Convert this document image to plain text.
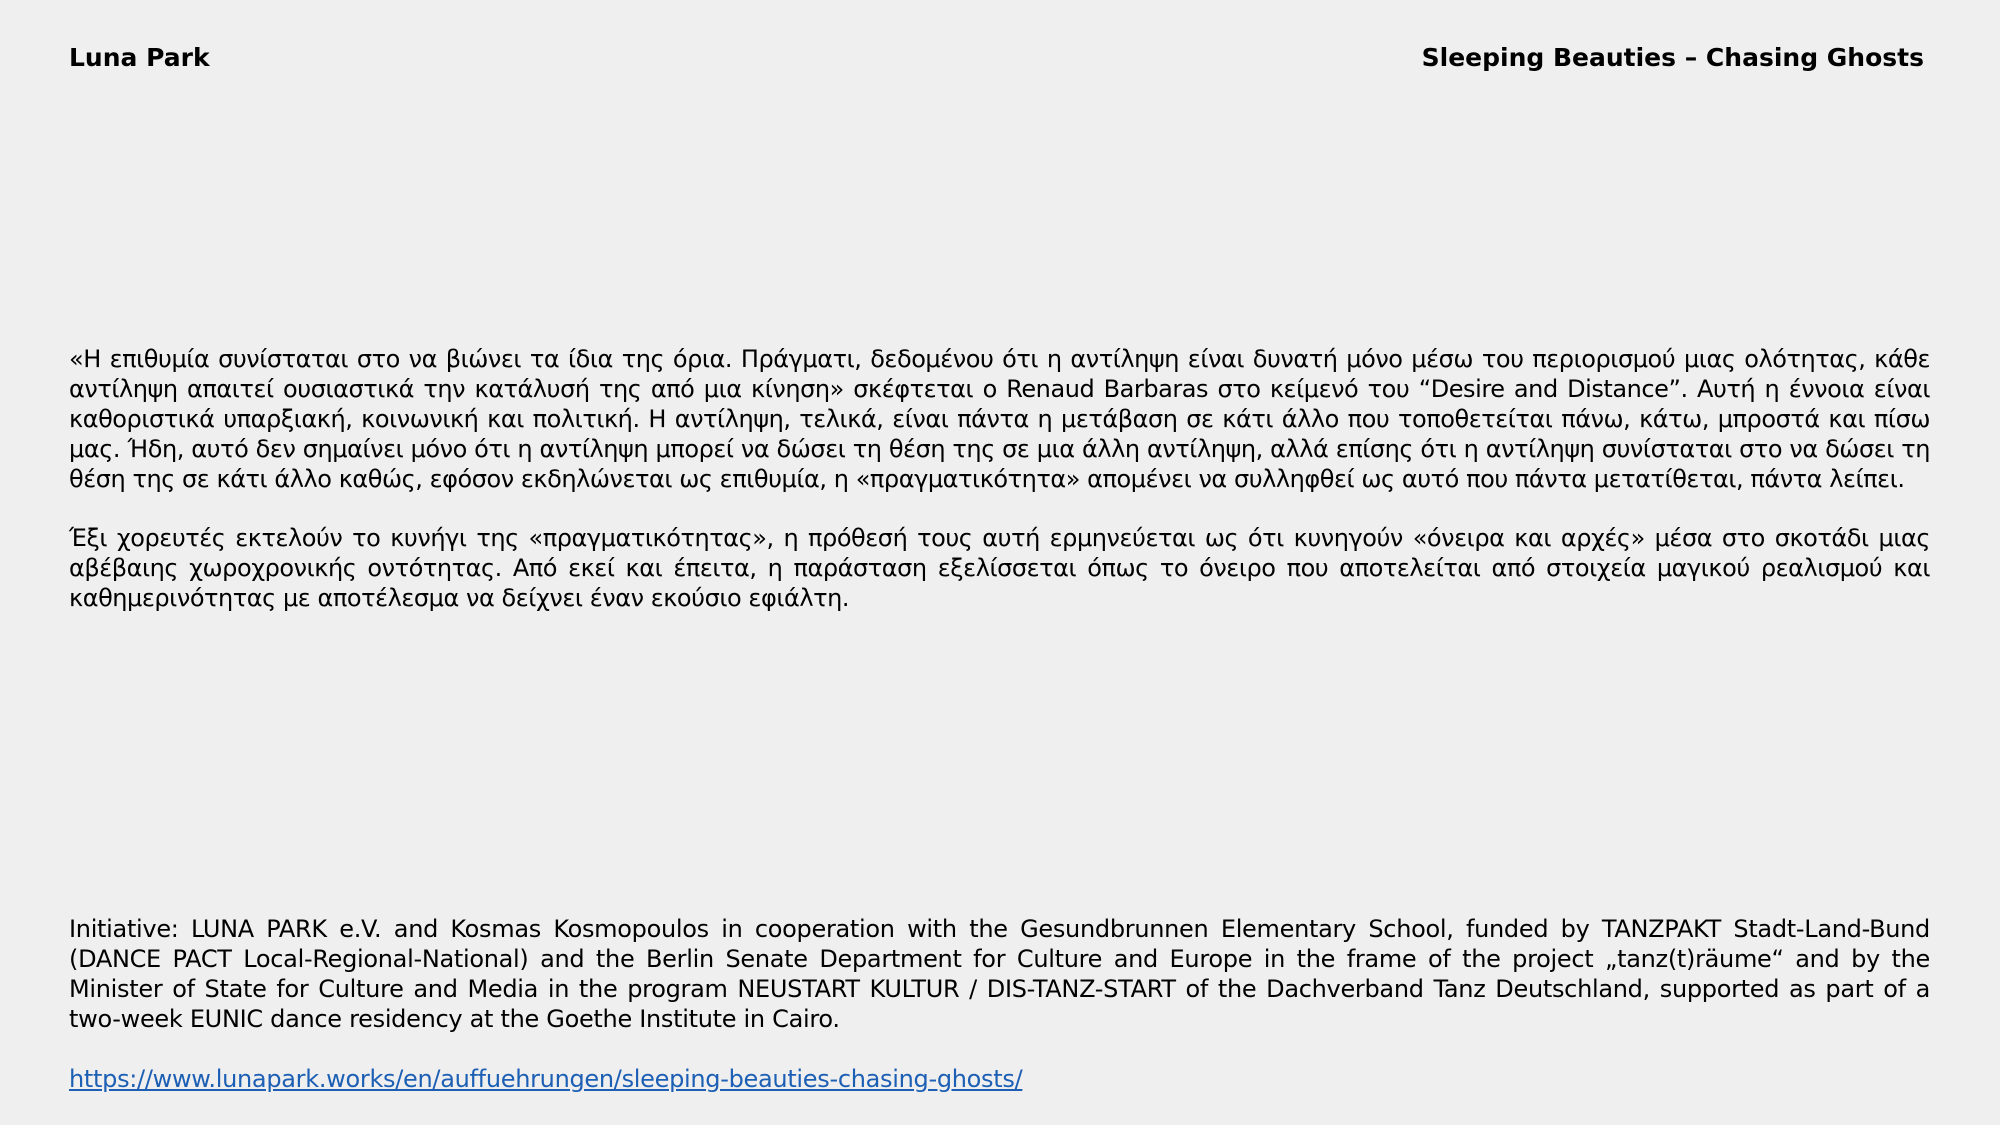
Luna Park	Sleeping Beauties – Chasing Ghosts
«Η επιθυμία συνίσταται στο να βιώνει τα ίδια της όρια. Πράγματι, δεδομένου ότι η αντίληψη είναι δυνατή μόνο μέσω του περιορισμού μιας ολότητας, κάθε αντίληψη απαιτεί ουσιαστικά την κατάλυσή της από μια κίνηση» σκέφτεται ο Renaud Barbaras στο κείμενό του “Desire and Distance”. Αυτή η έννοια είναι καθοριστικά υπαρξιακή, κοινωνική και πολιτική. Η αντίληψη, τελικά, είναι πάντα η μετάβαση σε κάτι άλλο που τοποθετείται πάνω, κάτω, μπροστά και πίσω μας. Ήδη, αυτό δεν σημαίνει μόνο ότι η αντίληψη μπορεί να δώσει τη θέση της σε μια άλλη αντίληψη, αλλά επίσης ότι η αντίληψη συνίσταται στο να δώσει τη θέση της σε κάτι άλλο καθώς, εφόσον εκδηλώνεται ως επιθυμία, η «πραγματικότητα» απομένει να συλληφθεί ως αυτό που πάντα μετατίθεται, πάντα λείπει.
Έξι χορευτές εκτελούν το κυνήγι της «πραγματικότητας», η πρόθεσή τους αυτή ερμηνεύεται ως ότι κυνηγούν «όνειρα και αρχές» μέσα στο σκοτάδι μιας αβέβαιης χωροχρονικής οντότητας. Από εκεί και έπειτα, η παράσταση εξελίσσεται όπως το όνειρο που αποτελείται από στοιχεία μαγικού ρεαλισμού και καθημερινότητας με αποτέλεσμα να δείχνει έναν εκούσιο εφιάλτη.
Initiative: LUNA PARK e.V. and Kosmas Kosmopoulos in cooperation with the Gesundbrunnen Elementary School, funded by TANZPAKT Stadt-Land-Bund (DANCE PACT Local-Regional-National) and the Berlin Senate Department for Culture and Europe in the frame of the project „tanz(t)räume“ and by the Minister of State for Culture and Media in the program NEUSTART KULTUR / DIS-TANZ-START of the Dachverband Tanz Deutschland, supported as part of a two-week EUNIC dance residency at the Goethe Institute in Cairo.
https://www.lunapark.works/en/auffuehrungen/sleeping-beauties-chasing-ghosts/
